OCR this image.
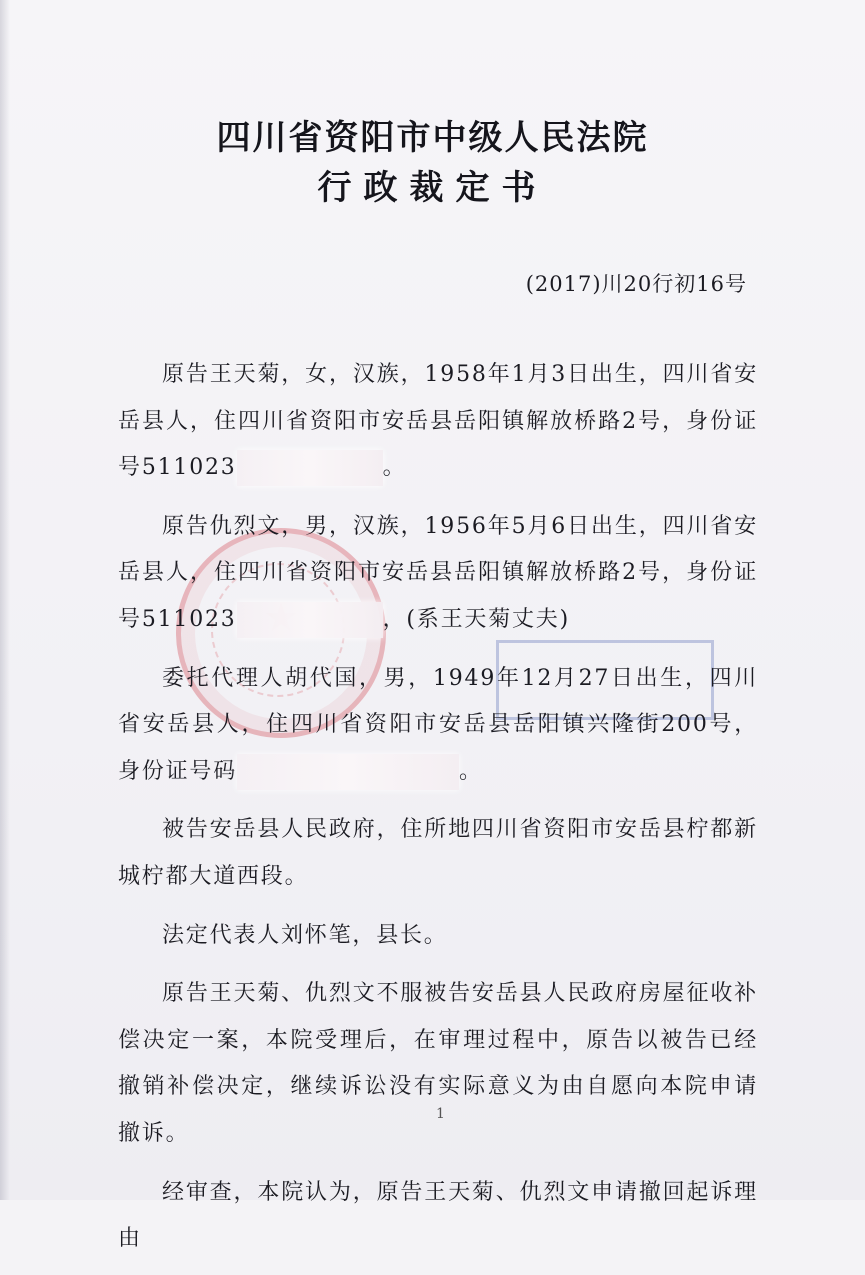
四川省资阳市中级人民法院
行政裁定书
(2017)川20行初16号

原告王天菊，女，汉族，1958年1月3日出生，四川省安岳县人，住四川省资阳市安岳县岳阳镇解放桥路2号，身份证号511023	。

原告仇烈文，男，汉族，1956年5月6日出生，四川省安岳县人，住四川省资阳市安岳县岳阳镇解放桥路2号，身份证号511023	，(系王天菊丈夫)

委托代理人胡代国，男，1949年12月27日出生，四川省安岳县人，住四川省资阳市安岳县岳阳镇兴隆街200号，身份证号码	。

被告安岳县人民政府，住所地四川省资阳市安岳县柠都新城柠都大道西段。

法定代表人刘怀笔，县长。

原告王天菊、仇烈文不服被告安岳县人民政府房屋征收补偿决定一案，本院受理后，在审理过程中，原告以被告已经撤销补偿决定，继续诉讼没有实际意义为由自愿向本院申请撤诉。

经审查，本院认为，原告王天菊、仇烈文申请撤回起诉理由

1
